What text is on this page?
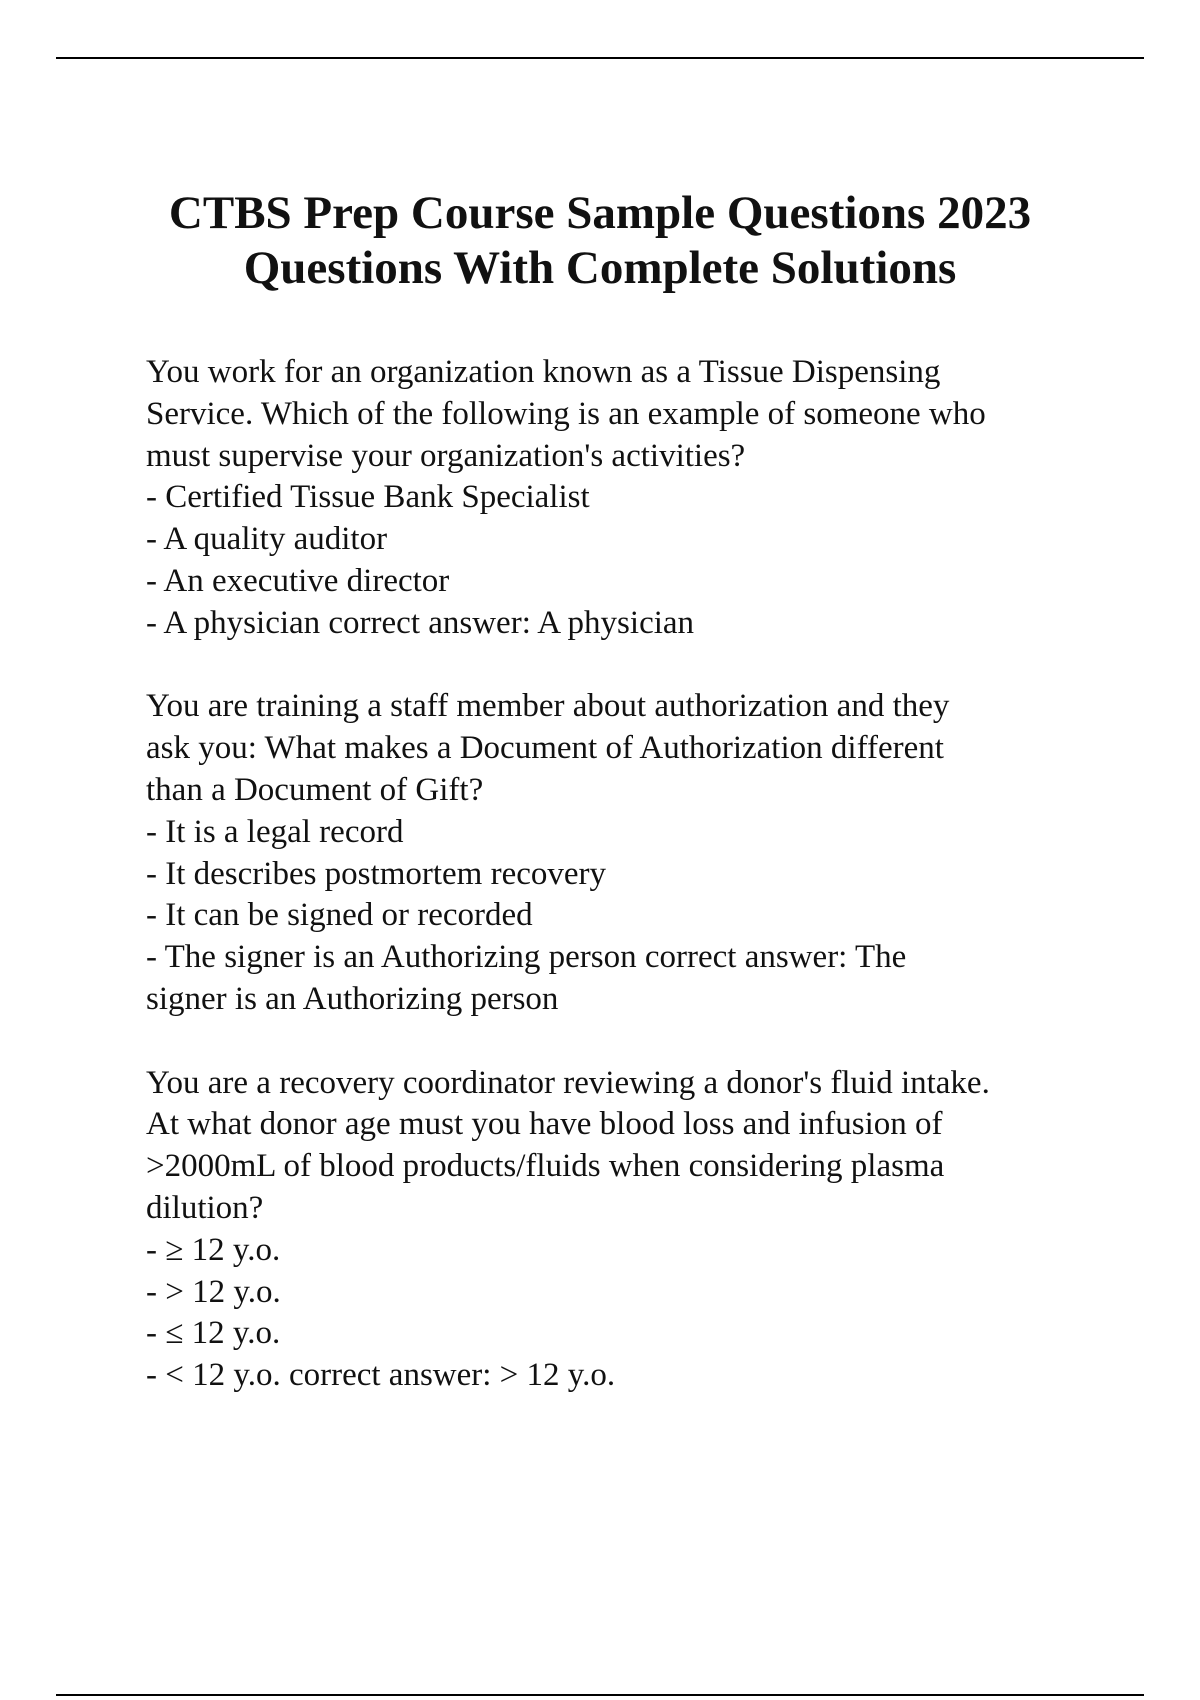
CTBS Prep Course Sample Questions 2023
Questions With Complete Solutions
You work for an organization known as a Tissue Dispensing
Service. Which of the following is an example of someone who
must supervise your organization's activities?
- Certified Tissue Bank Specialist
- A quality auditor
- An executive director
- A physician correct answer: A physician
You are training a staff member about authorization and they
ask you: What makes a Document of Authorization different
than a Document of Gift?
- It is a legal record
- It describes postmortem recovery
- It can be signed or recorded
- The signer is an Authorizing person correct answer: The
signer is an Authorizing person
You are a recovery coordinator reviewing a donor's fluid intake.
At what donor age must you have blood loss and infusion of
>2000mL of blood products/fluids when considering plasma
dilution?
- ≥ 12 y.o.
- > 12 y.o.
- ≤ 12 y.o.
- < 12 y.o. correct answer: > 12 y.o.
